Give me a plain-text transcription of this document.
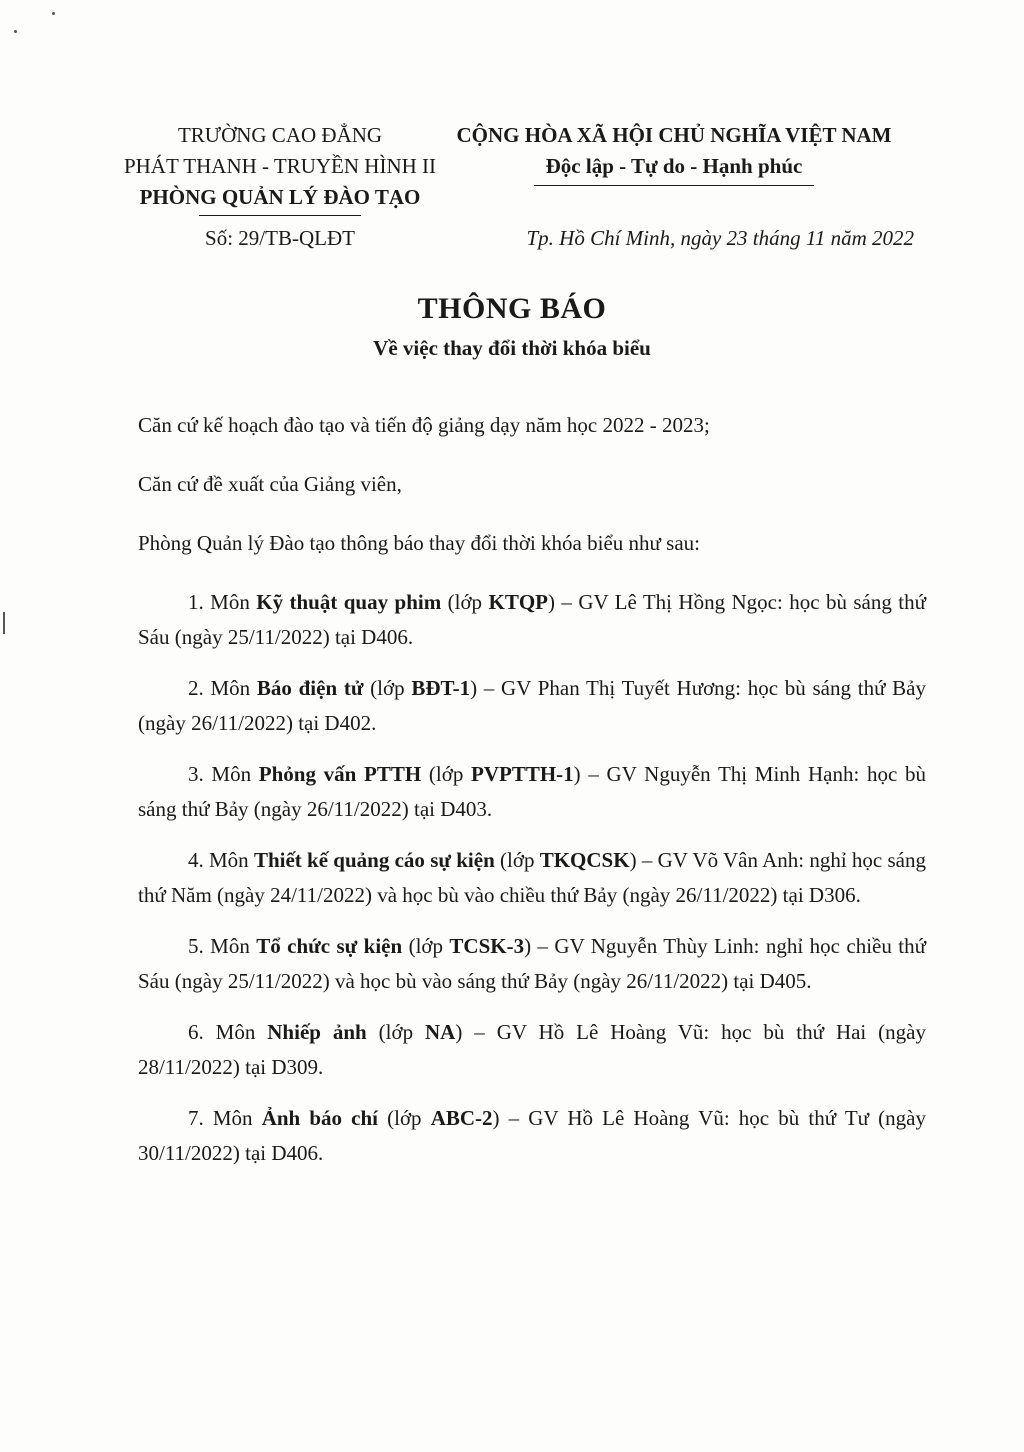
TRƯỜNG CAO ĐẲNG
PHÁT THANH - TRUYỀN HÌNH II
PHÒNG QUẢN LÝ ĐÀO TẠO
CỘNG HÒA XÃ HỘI CHỦ NGHĨA VIỆT NAM
Độc lập - Tự do - Hạnh phúc
Số: 29/TB-QLĐT	Tp. Hồ Chí Minh, ngày 23 tháng 11 năm 2022
THÔNG BÁO
Về việc thay đổi thời khóa biểu

Căn cứ kế hoạch đào tạo và tiến độ giảng dạy năm học 2022 - 2023;

Căn cứ đề xuất của Giảng viên,

Phòng Quản lý Đào tạo thông báo thay đổi thời khóa biểu như sau:

1. Môn Kỹ thuật quay phim (lớp KTQP) – GV Lê Thị Hồng Ngọc: học bù sáng thứ Sáu (ngày 25/11/2022) tại D406.

2. Môn Báo điện tử (lớp BĐT-1) – GV Phan Thị Tuyết Hương: học bù sáng thứ Bảy (ngày 26/11/2022) tại D402.

3. Môn Phỏng vấn PTTH (lớp PVPTTH-1) – GV Nguyễn Thị Minh Hạnh: học bù sáng thứ Bảy (ngày 26/11/2022) tại D403.

4. Môn Thiết kế quảng cáo sự kiện (lớp TKQCSK) – GV Võ Vân Anh: nghỉ học sáng thứ Năm (ngày 24/11/2022) và học bù vào chiều thứ Bảy (ngày 26/11/2022) tại D306.

5. Môn Tổ chức sự kiện (lớp TCSK-3) – GV Nguyễn Thùy Linh: nghỉ học chiều thứ Sáu (ngày 25/11/2022) và học bù vào sáng thứ Bảy (ngày 26/11/2022) tại D405.

6. Môn Nhiếp ảnh (lớp NA) – GV Hồ Lê Hoàng Vũ: học bù thứ Hai (ngày 28/11/2022) tại D309.

7. Môn Ảnh báo chí (lớp ABC-2) – GV Hồ Lê Hoàng Vũ: học bù thứ Tư (ngày 30/11/2022) tại D406.
